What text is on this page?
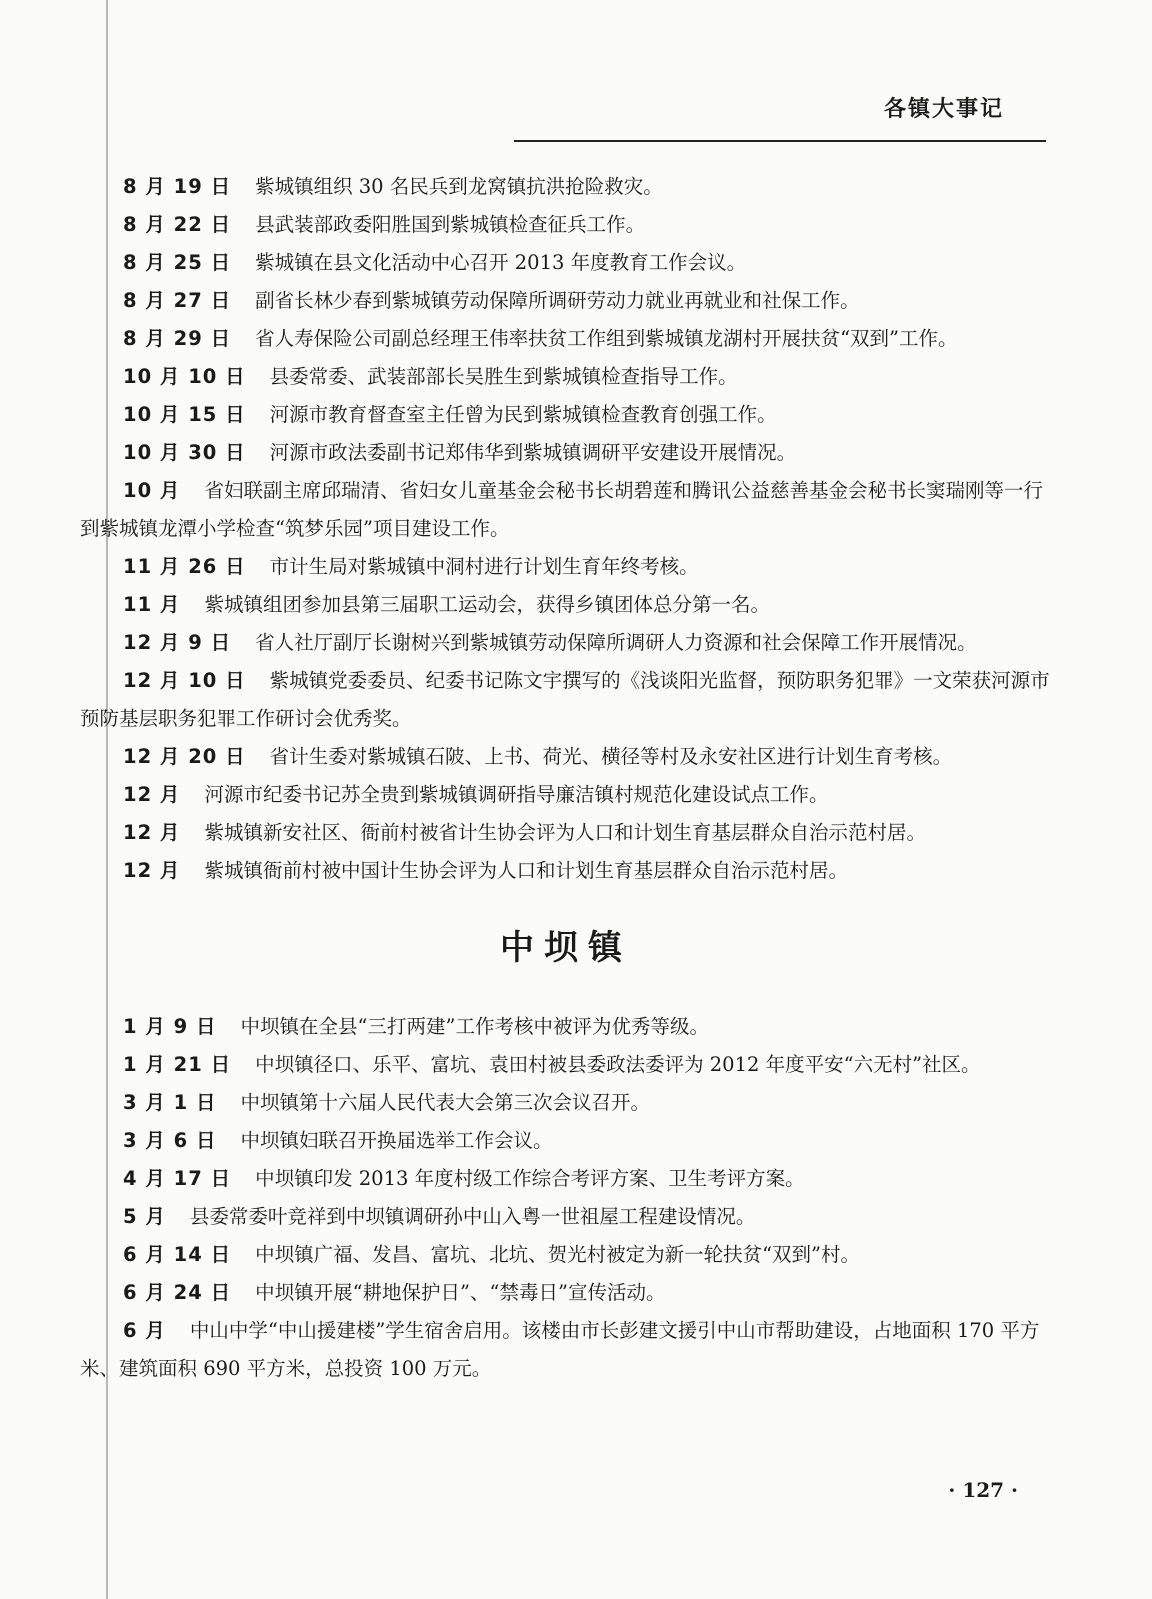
各镇大事记

8 月 19 日 紫城镇组织 30 名民兵到龙窝镇抗洪抢险救灾。

8 月 22 日 县武装部政委阳胜国到紫城镇检查征兵工作。

8 月 25 日 紫城镇在县文化活动中心召开 2013 年度教育工作会议。

8 月 27 日 副省长林少春到紫城镇劳动保障所调研劳动力就业再就业和社保工作。

8 月 29 日 省人寿保险公司副总经理王伟率扶贫工作组到紫城镇龙湖村开展扶贫“双到”工作。

10 月 10 日 县委常委、武装部部长吴胜生到紫城镇检查指导工作。

10 月 15 日 河源市教育督查室主任曾为民到紫城镇检查教育创强工作。

10 月 30 日 河源市政法委副书记郑伟华到紫城镇调研平安建设开展情况。

10 月 省妇联副主席邱瑞清、省妇女儿童基金会秘书长胡碧莲和腾讯公益慈善基金会秘书长窦瑞刚等一行到紫城镇龙潭小学检查“筑梦乐园”项目建设工作。

11 月 26 日 市计生局对紫城镇中洞村进行计划生育年终考核。

11 月 紫城镇组团参加县第三届职工运动会，获得乡镇团体总分第一名。

12 月 9 日 省人社厅副厅长谢树兴到紫城镇劳动保障所调研人力资源和社会保障工作开展情况。

12 月 10 日 紫城镇党委委员、纪委书记陈文宇撰写的《浅谈阳光监督，预防职务犯罪》一文荣获河源市预防基层职务犯罪工作研讨会优秀奖。

12 月 20 日 省计生委对紫城镇石陂、上书、荷光、横径等村及永安社区进行计划生育考核。

12 月 河源市纪委书记苏全贵到紫城镇调研指导廉洁镇村规范化建设试点工作。

12 月 紫城镇新安社区、衙前村被省计生协会评为人口和计划生育基层群众自治示范村居。

12 月 紫城镇衙前村被中国计生协会评为人口和计划生育基层群众自治示范村居。

中坝镇

1 月 9 日 中坝镇在全县“三打两建”工作考核中被评为优秀等级。

1 月 21 日 中坝镇径口、乐平、富坑、袁田村被县委政法委评为 2012 年度平安“六无村”社区。

3 月 1 日 中坝镇第十六届人民代表大会第三次会议召开。

3 月 6 日 中坝镇妇联召开换届选举工作会议。

4 月 17 日 中坝镇印发 2013 年度村级工作综合考评方案、卫生考评方案。

5 月 县委常委叶竞祥到中坝镇调研孙中山入粤一世祖屋工程建设情况。

6 月 14 日 中坝镇广福、发昌、富坑、北坑、贺光村被定为新一轮扶贫“双到”村。

6 月 24 日 中坝镇开展“耕地保护日”、“禁毒日”宣传活动。

6 月 中山中学“中山援建楼”学生宿舍启用。该楼由市长彭建文援引中山市帮助建设，占地面积 170 平方米、建筑面积 690 平方米，总投资 100 万元。

· 127 ·
